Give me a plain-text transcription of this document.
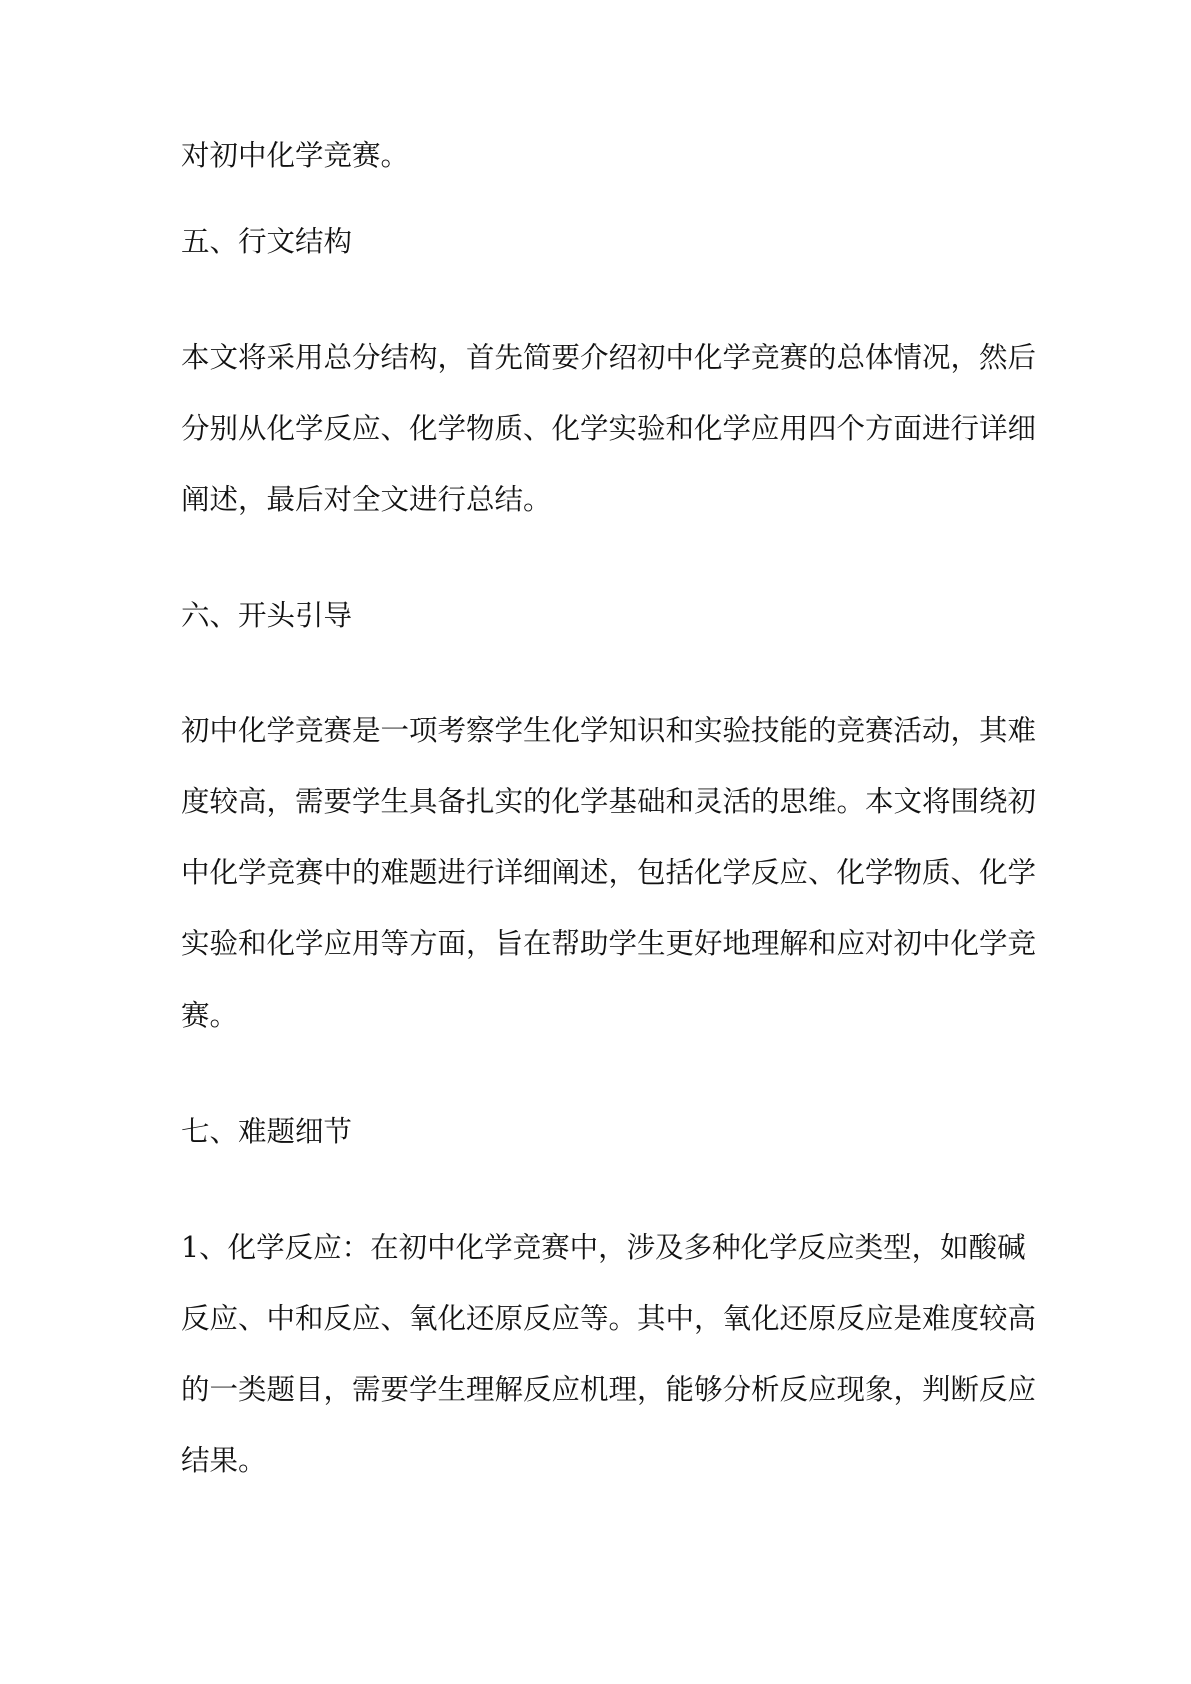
对初中化学竞赛。

五、行文结构

本文将采用总分结构，首先简要介绍初中化学竞赛的总体情况，然后

分别从化学反应、化学物质、化学实验和化学应用四个方面进行详细

阐述，最后对全文进行总结。

六、开头引导

初中化学竞赛是一项考察学生化学知识和实验技能的竞赛活动，其难

度较高，需要学生具备扎实的化学基础和灵活的思维。本文将围绕初

中化学竞赛中的难题进行详细阐述，包括化学反应、化学物质、化学

实验和化学应用等方面，旨在帮助学生更好地理解和应对初中化学竞

赛。

七、难题细节

1、化学反应：在初中化学竞赛中，涉及多种化学反应类型，如酸碱

反应、中和反应、氧化还原反应等。其中，氧化还原反应是难度较高

的一类题目，需要学生理解反应机理，能够分析反应现象，判断反应

结果。
